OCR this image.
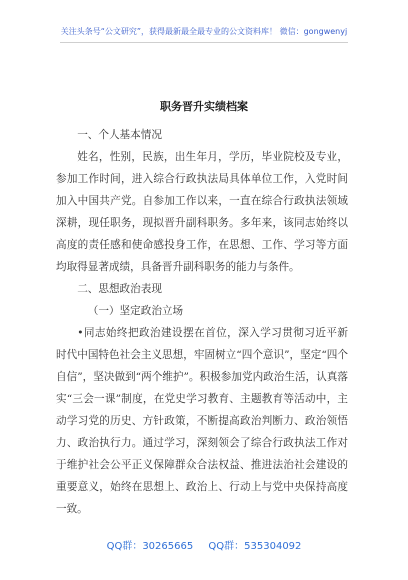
关注头条号“公文研究”，获得最新最全最专业的公文资料库！ 微信：gongwenyj
职务晋升实绩档案

一、个人基本情况

姓名，性别，民族，出生年月，学历，毕业院校及专业，参加工作时间，进入综合行政执法局具体单位工作，入党时间加入中国共产党。自参加工作以来，一直在综合行政执法领域深耕，现任职务，现拟晋升副科职务。多年来，该同志始终以高度的责任感和使命感投身工作，在思想、工作、学习等方面均取得显著成绩，具备晋升副科职务的能力与条件。

二、思想政治表现

（一）坚定政治立场

•同志始终把政治建设摆在首位，深入学习贯彻习近平新时代中国特色社会主义思想，牢固树立“四个意识”，坚定“四个自信”，坚决做到“两个维护”。积极参加党内政治生活，认真落实“三会一课”制度，在党史学习教育、主题教育等活动中，主动学习党的历史、方针政策，不断提高政治判断力、政治领悟力、政治执行力。通过学习，深刻领会了综合行政执法工作对于维护社会公平正义保障群众合法权益、推进法治社会建设的重要意义，始终在思想上、政治上、行动上与党中央保持高度一致。

QQ群：30265665 QQ群：535304092
